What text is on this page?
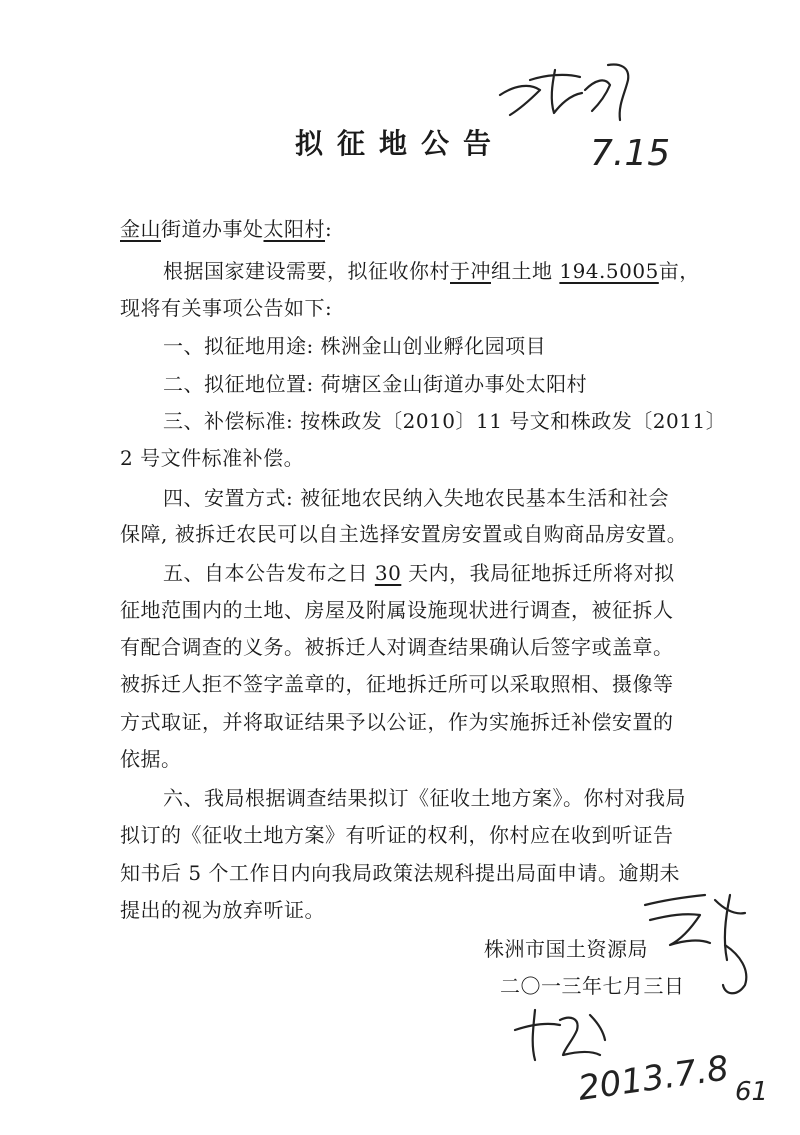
拟征地公告
金山街道办事处太阳村:
根据国家建设需要，拟征收你村于冲组土地 194.5005亩，
现将有关事项公告如下:
一、拟征地用途: 株洲金山创业孵化园项目
二、拟征地位置: 荷塘区金山街道办事处太阳村
三、补偿标准: 按株政发〔2010〕11 号文和株政发〔2011〕
2 号文件标准补偿。
四、安置方式: 被征地农民纳入失地农民基本生活和社会
保障, 被拆迁农民可以自主选择安置房安置或自购商品房安置。
五、自本公告发布之日 30 天内，我局征地拆迁所将对拟
征地范围内的土地、房屋及附属设施现状进行调查，被征拆人
有配合调查的义务。被拆迁人对调查结果确认后签字或盖章。
被拆迁人拒不签字盖章的，征地拆迁所可以采取照相、摄像等
方式取证，并将取证结果予以公证，作为实施拆迁补偿安置的
依据。
六、我局根据调查结果拟订《征收土地方案》。你村对我局
拟订的《征收土地方案》有听证的权利，你村应在收到听证告
知书后 5 个工作日内向我局政策法规科提出局面申请。逾期未
提出的视为放弃听证。
株洲市国土资源局
二〇一三年七月三日
7.15
2013.7.8 61
